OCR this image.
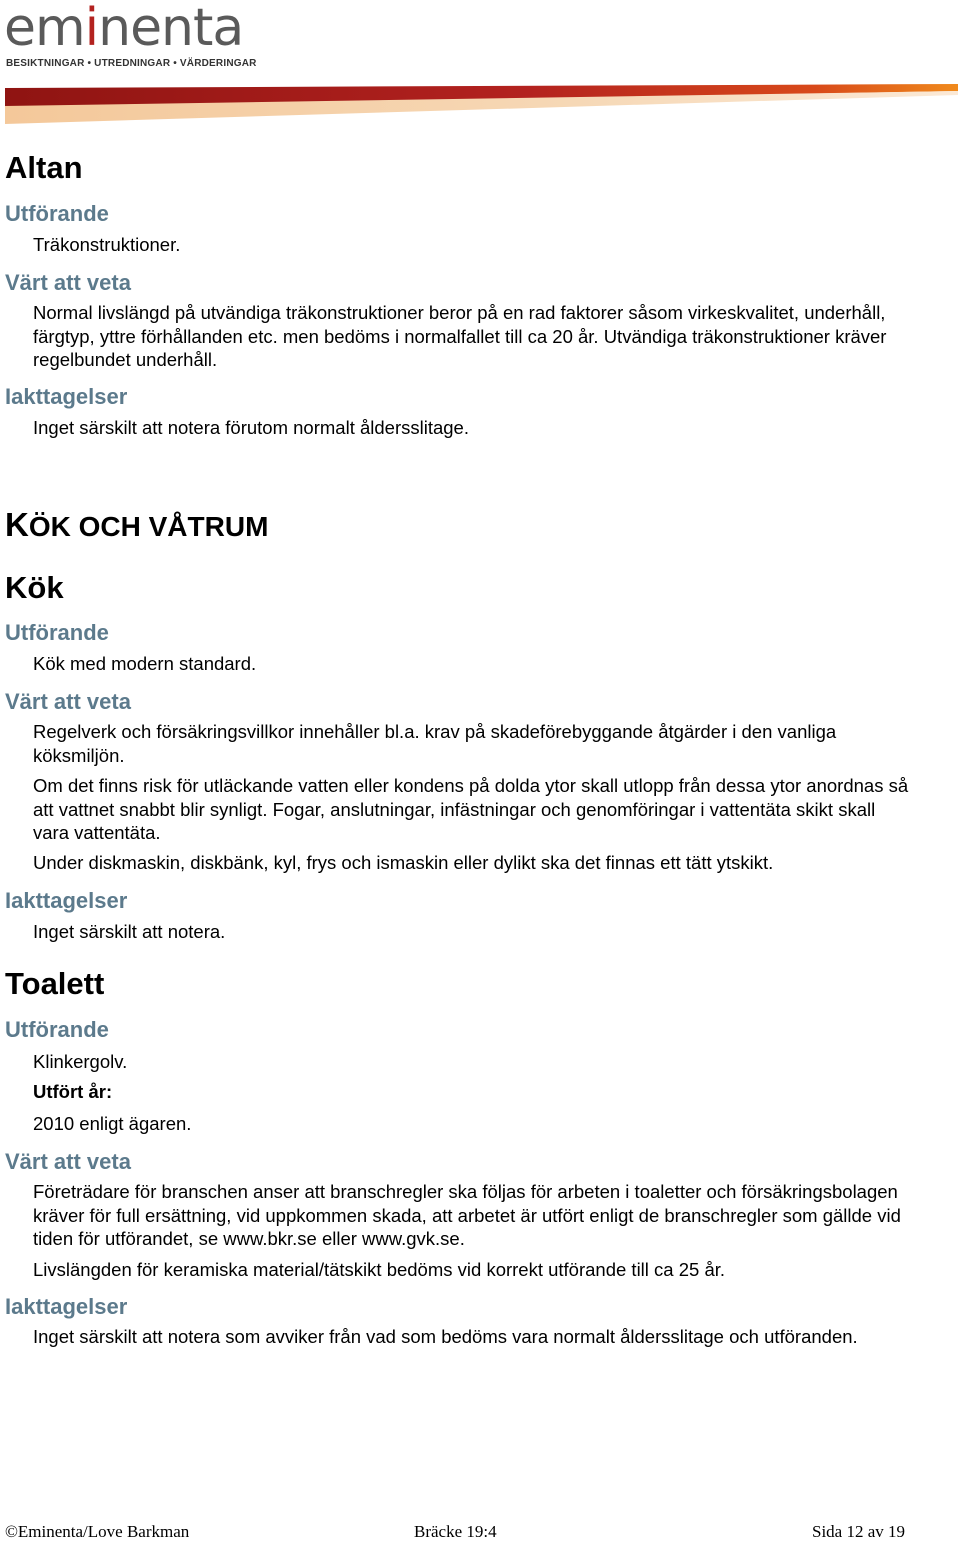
eminenta
BESIKTNINGAR • UTREDNINGAR • VÄRDERINGAR
Altan
Utförande
Träkonstruktioner.
Värt att veta
Normal livslängd på utvändiga träkonstruktioner beror på en rad faktorer såsom virkeskvalitet, underhåll, färgtyp, yttre förhållanden etc. men bedöms i normalfallet till ca 20 år. Utvändiga träkonstruktioner kräver regelbundet underhåll.
Iakttagelser
Inget särskilt att notera förutom normalt åldersslitage.
KÖK OCH VÅTRUM
Kök
Utförande
Kök med modern standard.
Värt att veta
Regelverk och försäkringsvillkor innehåller bl.a. krav på skadeförebyggande åtgärder i den vanliga köksmiljön.
Om det finns risk för utläckande vatten eller kondens på dolda ytor skall utlopp från dessa ytor anordnas så att vattnet snabbt blir synligt. Fogar, anslutningar, infästningar och genomföringar i vattentäta skikt skall vara vattentäta.
Under diskmaskin, diskbänk, kyl, frys och ismaskin eller dylikt ska det finnas ett tätt ytskikt.
Iakttagelser
Inget särskilt att notera.
Toalett
Utförande
Klinkergolv.
Utfört år:
2010 enligt ägaren.
Värt att veta
Företrädare för branschen anser att branschregler ska följas för arbeten i toaletter och försäkringsbolagen kräver för full ersättning, vid uppkommen skada, att arbetet är utfört enligt de branschregler som gällde vid tiden för utförandet, se www.bkr.se eller www.gvk.se.
Livslängden för keramiska material/tätskikt bedöms vid korrekt utförande till ca 25 år.
Iakttagelser
Inget särskilt att notera som avviker från vad som bedöms vara normalt åldersslitage och utföranden.
©Eminenta/Love Barkman	Bräcke 19:4	Sida 12 av 19
